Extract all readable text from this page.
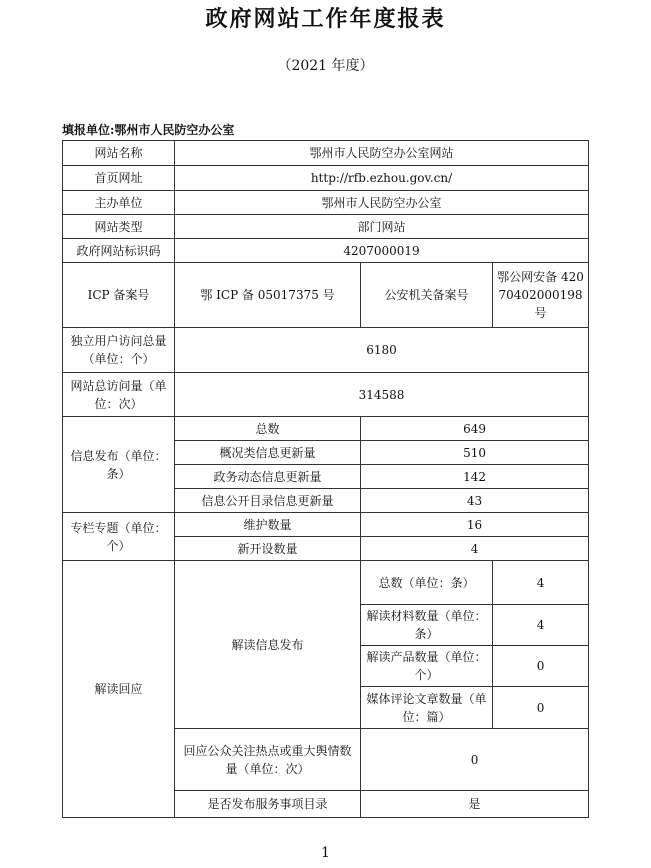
政府网站工作年度报表
（2021 年度）
填报单位:鄂州市人民防空办公室
网站名称	鄂州市人民防空办公室网站		
首页网址	http://rfb.ezhou.gov.cn/		
主办单位	鄂州市人民防空办公室		
网站类型	部门网站		
政府网站标识码	4207000019		
ICP 备案号	鄂 ICP 备 05017375 号	公安机关备案号	鄂公网安备 42070402000198 号
独立用户访问总量（单位：个）	6180		
网站总访问量（单位：次）	314588		
信息发布（单位：条）	总数	649	
	概况类信息更新量	510	
	政务动态信息更新量	142	
	信息公开目录信息更新量	43	
专栏专题（单位：个）	维护数量	16	
	新开设数量	4	
解读回应	解读信息发布	总数（单位：条）	4
		解读材料数量（单位：条）	4
		解读产品数量（单位：个）	0
		媒体评论文章数量（单位：篇）	0
	回应公众关注热点或重大舆情数量（单位：次）	0	
	是否发布服务事项目录	是	
1
